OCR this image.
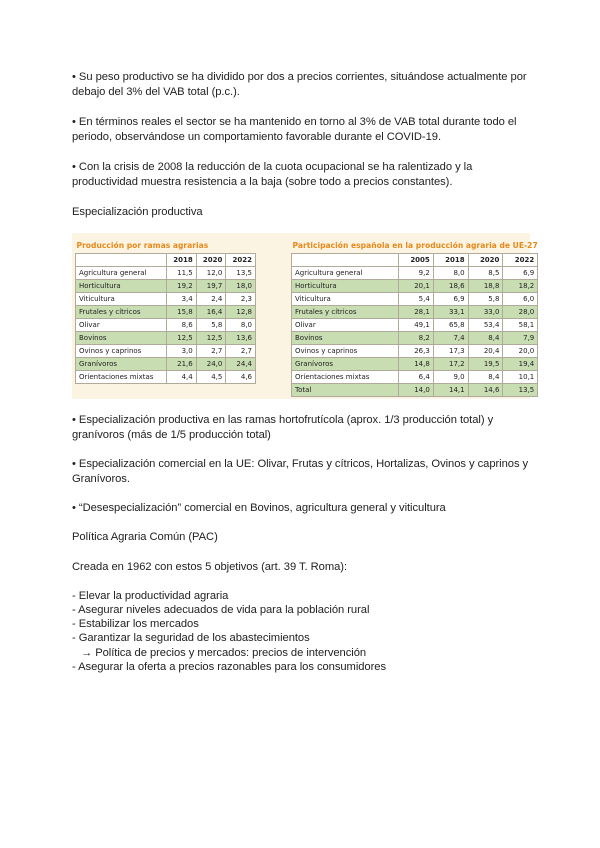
• Su peso productivo se ha dividido por dos a precios corrientes, situándose actualmente por debajo del 3% del VAB total (p.c.).
• En términos reales el sector se ha mantenido en torno al 3% de VAB total durante todo el periodo, observándose un comportamiento favorable durante el COVID-19.
• Con la crisis de 2008 la reducción de la cuota ocupacional se ha ralentizado y la productividad muestra resistencia a la baja (sobre todo a precios constantes).
Especialización productiva
Producción por ramas agrarias			
	2018	2020	2022
Agricultura general	11,5	12,0	13,5
Horticultura	19,2	19,7	18,0
Viticultura	3,4	2,4	2,3
Frutales y cítricos	15,8	16,4	12,8
Olivar	8,6	5,8	8,0
Bovinos	12,5	12,5	13,6
Ovinos y caprinos	3,0	2,7	2,7
Granívoros	21,6	24,0	24,4
Orientaciones mixtas	4,4	4,5	4,6
Participación española en la producción agraria de UE-27				
	2005	2018	2020	2022
Agricultura general	9,2	8,0	8,5	6,9
Horticultura	20,1	18,6	18,8	18,2
Viticultura	5,4	6,9	5,8	6,0
Frutales y cítricos	28,1	33,1	33,0	28,0
Olivar	49,1	65,8	53,4	58,1
Bovinos	8,2	7,4	8,4	7,9
Ovinos y caprinos	26,3	17,3	20,4	20,0
Granívoros	14,8	17,2	19,5	19,4
Orientaciones mixtas	6,4	9,0	8,4	10,1
Total	14,0	14,1	14,6	13,5
• Especialización productiva en las ramas hortofrutícola (aprox. 1/3 producción total) y granívoros (más de 1/5 producción total)
• Especialización comercial en la UE: Olivar, Frutas y cítricos, Hortalizas, Ovinos y caprinos y Granívoros.
• “Desespecialización” comercial en Bovinos, agricultura general y viticultura
Política Agraria Común (PAC)
Creada en 1962 con estos 5 objetivos (art. 39 T. Roma):
- Elevar la productividad agraria
- Asegurar niveles adecuados de vida para la población rural
- Estabilizar los mercados
- Garantizar la seguridad de los abastecimientos
→ Política de precios y mercados: precios de intervención
- Asegurar la oferta a precios razonables para los consumidores
